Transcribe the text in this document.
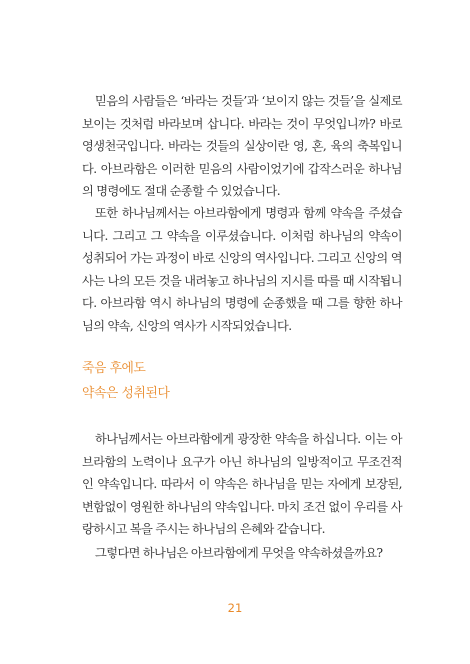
믿음의 사람들은 ‘바라는 것들’과 ‘보이지 않는 것들’을 실제로 보이는 것처럼 바라보며 삽니다. 바라는 것이 무엇입니까? 바로 영생천국입니다. 바라는 것들의 실상이란 영, 혼, 육의 축복입니다. 아브라함은 이러한 믿음의 사람이었기에 갑작스러운 하나님의 명령에도 절대 순종할 수 있었습니다.

또한 하나님께서는 아브라함에게 명령과 함께 약속을 주셨습니다. 그리고 그 약속을 이루셨습니다. 이처럼 하나님의 약속이 성취되어 가는 과정이 바로 신앙의 역사입니다. 그리고 신앙의 역사는 나의 모든 것을 내려놓고 하나님의 지시를 따를 때 시작됩니다. 아브라함 역시 하나님의 명령에 순종했을 때 그를 향한 하나님의 약속, 신앙의 역사가 시작되었습니다.

죽음 후에도
약속은 성취된다

하나님께서는 아브라함에게 광장한 약속을 하십니다. 이는 아브라함의 노력이나 요구가 아닌 하나님의 일방적이고 무조건적인 약속입니다. 따라서 이 약속은 하나님을 믿는 자에게 보장된, 변함없이 영원한 하나님의 약속입니다. 마치 조건 없이 우리를 사랑하시고 복을 주시는 하나님의 은혜와 같습니다.

그렇다면 하나님은 아브라함에게 무엇을 약속하셨을까요?

21
